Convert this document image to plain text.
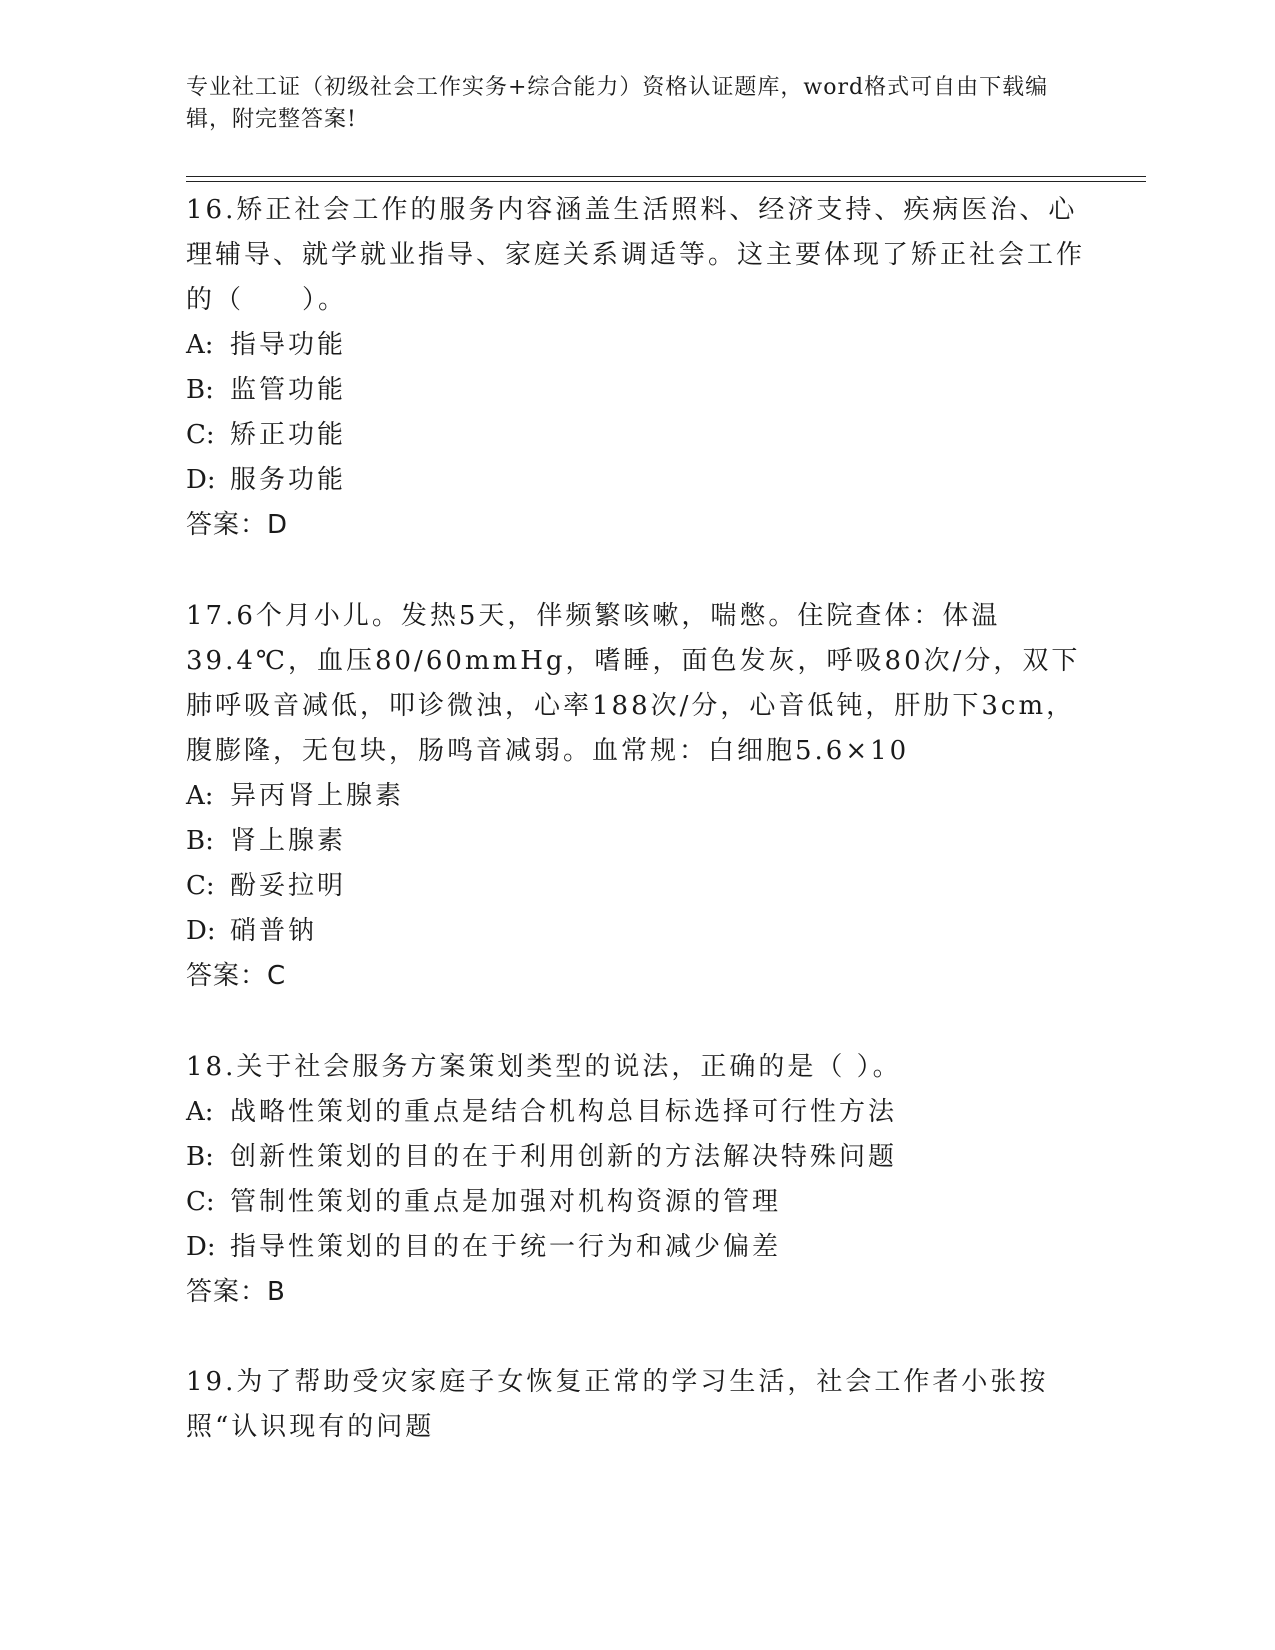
专业社工证（初级社会工作实务+综合能力）资格认证题库，word格式可自由下载编辑，附完整答案!

16.矫正社会工作的服务内容涵盖生活照料、经济支持、疾病医治、心理辅导、就学就业指导、家庭关系调适等。这主要体现了矫正社会工作的（　　）。

A: 指导功能

B: 监管功能

C: 矫正功能

D: 服务功能

答案：D

17.6个月小儿。发热5天，伴频繁咳嗽，喘憋。住院查体：体温39.4℃，血压80/60mmHg，嗜睡，面色发灰，呼吸80次/分，双下肺呼吸音减低，叩诊微浊，心率188次/分，心音低钝，肝肋下3cm，腹膨隆，无包块，肠鸣音减弱。血常规：白细胞5.6×10

A: 异丙肾上腺素

B: 肾上腺素

C: 酚妥拉明

D: 硝普钠

答案：C

18.关于社会服务方案策划类型的说法，正确的是（ ）。

A: 战略性策划的重点是结合机构总目标选择可行性方法

B: 创新性策划的目的在于利用创新的方法解决特殊问题

C: 管制性策划的重点是加强对机构资源的管理

D: 指导性策划的目的在于统一行为和减少偏差

答案：B

19.为了帮助受灾家庭子女恢复正常的学习生活，社会工作者小张按照“认识现有的问题
